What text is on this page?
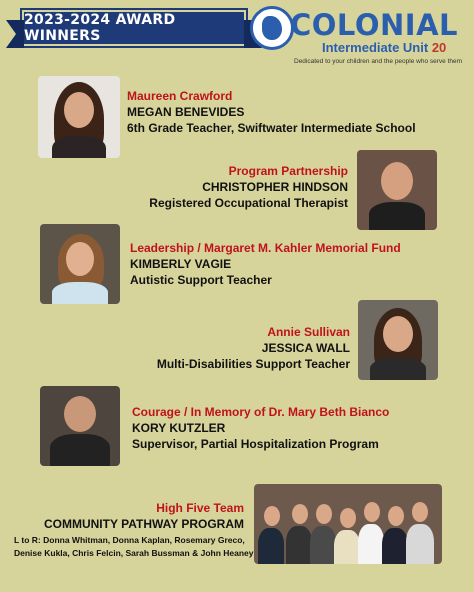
2023-2024 AWARD WINNERS	COLONIAL
Intermediate Unit 20
Dedicated to your children and the people who serve them
Maureen Crawford
MEGAN BENEVIDES
6th Grade Teacher, Swiftwater Intermediate School
Program Partnership
CHRISTOPHER HINDSON
Registered Occupational Therapist
Leadership / Margaret M. Kahler Memorial Fund
KIMBERLY VAGIE
Autistic Support Teacher
Annie Sullivan
JESSICA WALL
Multi-Disabilities Support Teacher
Courage / In Memory of Dr. Mary Beth Bianco
KORY KUTZLER
Supervisor, Partial Hospitalization Program
High Five Team
COMMUNITY PATHWAY PROGRAM
L to R: Donna Whitman, Donna Kaplan, Rosemary Greco,
Denise Kukla, Chris Felcin, Sarah Bussman & John Heaney
